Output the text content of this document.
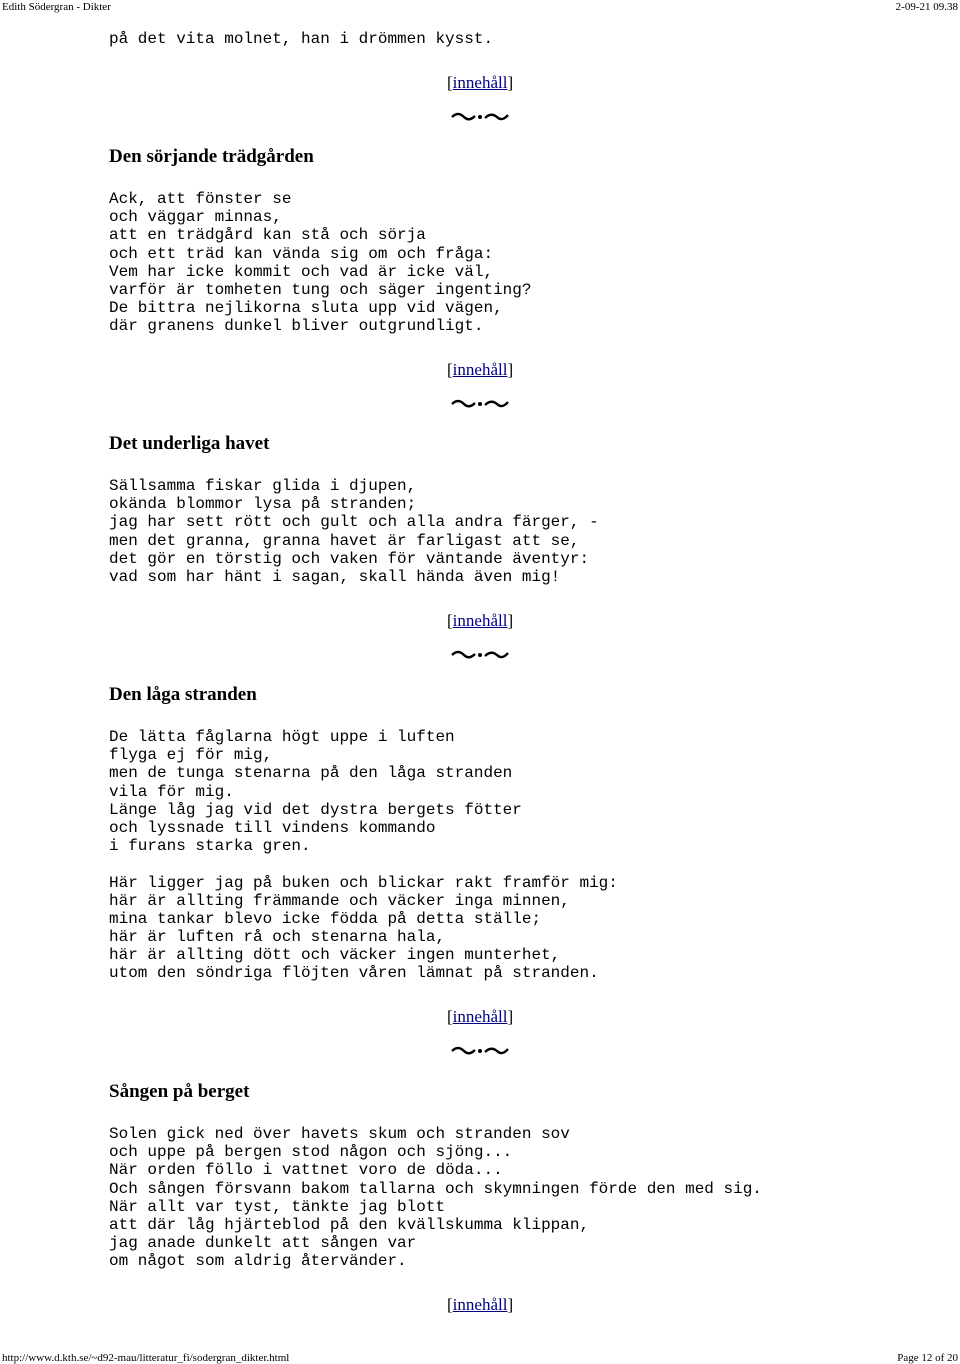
Edith Södergran - Dikter	2-09-21 09.38
på det vita molnet, han i drömmen kysst.
[innehåll]
Den sörjande trädgården
Ack, att fönster se
och väggar minnas,
att en trädgård kan stå och sörja
och ett träd kan vända sig om och fråga:
Vem har icke kommit och vad är icke väl,
varför är tomheten tung och säger ingenting?
De bittra nejlikorna sluta upp vid vägen,
där granens dunkel bliver outgrundligt.
[innehåll]
Det underliga havet
Sällsamma fiskar glida i djupen,
okända blommor lysa på stranden;
jag har sett rött och gult och alla andra färger, -
men det granna, granna havet är farligast att se,
det gör en törstig och vaken för väntande äventyr:
vad som har hänt i sagan, skall hända även mig!
[innehåll]
Den låga stranden
De lätta fåglarna högt uppe i luften
flyga ej för mig,
men de tunga stenarna på den låga stranden
vila för mig.
Länge låg jag vid det dystra bergets fötter
och lyssnade till vindens kommando
i furans starka gren.
Här ligger jag på buken och blickar rakt framför mig:
här är allting främmande och väcker inga minnen,
mina tankar blevo icke födda på detta ställe;
här är luften rå och stenarna hala,
här är allting dött och väcker ingen munterhet,
utom den söndriga flöjten våren lämnat på stranden.
[innehåll]
Sången på berget
Solen gick ned över havets skum och stranden sov
och uppe på bergen stod någon och sjöng...
När orden föllo i vattnet voro de döda...
Och sången försvann bakom tallarna och skymningen förde den med sig.
När allt var tyst, tänkte jag blott
att där låg hjärteblod på den kvällskumma klippan,
jag anade dunkelt att sången var
om något som aldrig återvänder.
[innehåll]
http://www.d.kth.se/~d92-mau/litteratur_fi/sodergran_dikter.html	Page 12 of 20
